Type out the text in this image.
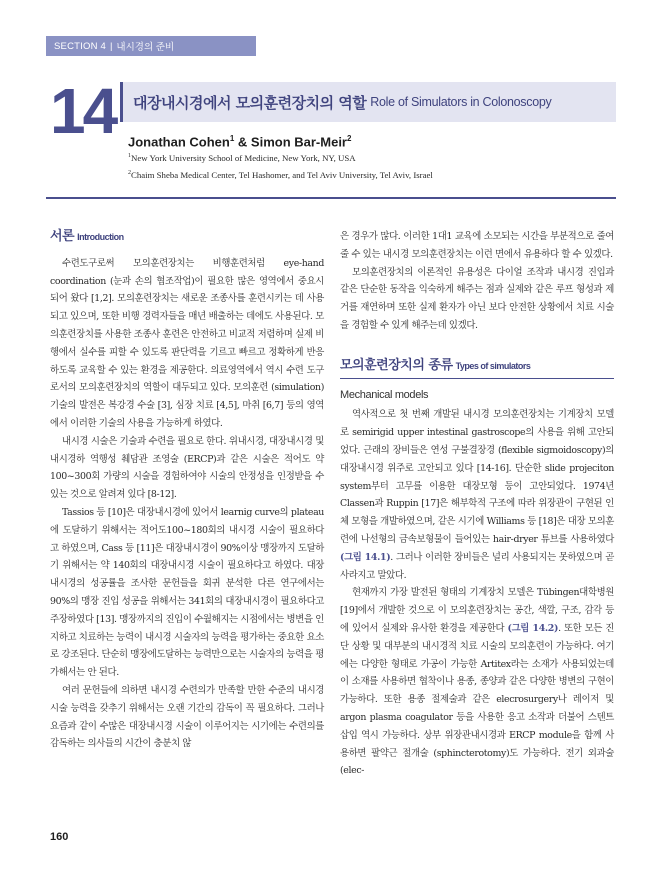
SECTION 4 | 내시경의 준비
14 대장내시경에서 모의훈련장치의 역할 Role of Simulators in Colonoscopy
Jonathan Cohen$^1$ & Simon Bar-Meir$^2$
$^1$New York University School of Medicine, New York, NY, USA
$^2$Chaim Sheba Medical Center, Tel Hashomer, and Tel Aviv University, Tel Aviv, Israel
서론 Introduction

수련도구로써 모의훈련장치는 비행훈련처럼 eye-hand coordination (눈과 손의 협조작업)이 필요한 많은 영역에서 중요시 되어 왔다 [1,2]. 모의훈련장치는 새로운 조종사를 훈련시키는 데 사용되고 있으며, 또한 비행 경력자들을 매년 배출하는 데에도 사용된다. 모의훈련장치를 사용한 조종사 훈련은 안전하고 비교적 저렴하며 실제 비행에서 실수를 피할 수 있도록 판단력을 기르고 빠르고 정확하게 반응하도록 교육할 수 있는 환경을 제공한다. 의료영역에서 역시 수련 도구로서의 모의훈련장치의 역할이 대두되고 있다. 모의훈련 (simulation) 기술의 발전은 복강경 수술 [3], 심장 치료 [4,5], 마취 [6,7] 등의 영역에서 이러한 기술의 사용을 가능하게 하였다.

내시경 시술은 기술과 수련을 필요로 한다. 위내시경, 대장내시경 및 내시경하 역행성 췌담관 조영술 (ERCP)과 같은 시술은 적어도 약 100~300회 가량의 시술을 경험하여야 시술의 안정성을 인정받을 수 있는 것으로 알려져 있다 [8-12].

Tassios 등 [10]은 대장내시경에 있어서 learnig curve의 plateau에 도달하기 위해서는 적어도100~180회의 내시경 시술이 필요하다고 하였으며, Cass 등 [11]은 대장내시경이 90%이상 맹장까지 도달하기 위해서는 약 140회의 대장내시경 시술이 필요하다고 하였다. 대장내시경의 성공률을 조사한 문헌들을 회귀 분석한 다른 연구에서는 90%의 맹장 진입 성공을 위해서는 341회의 대장내시경이 필요하다고 주장하였다 [13]. 맹장까지의 진입이 수월해지는 시점에서는 병변을 인지하고 치료하는 능력이 내시경 시술자의 능력을 평가하는 중요한 요소로 강조된다. 단순히 맹장에도달하는 능력만으로는 시술자의 능력을 평가해서는 안 된다.

여러 문헌들에 의하면 내시경 수련의가 만족할 만한 수준의 내시경 시술 능력을 갖추기 위해서는 오랜 기간의 감독이 꼭 필요하다. 그러나 요즘과 같이 수많은 대장내시경 시술이 이루어지는 시기에는 수련의를 감독하는 의사들의 시간이 충분치 않

은 경우가 많다. 이러한 1대1 교육에 소모되는 시간을 부분적으로 줄여 줄 수 있는 내시경 모의훈련장치는 이런 면에서 유용하다 할 수 있겠다.

모의훈련장치의 이론적인 유용성은 다이얼 조작과 내시경 진입과 같은 단순한 동작을 익숙하게 해주는 점과 실제와 같은 루프 형성과 제거를 재연하며 또한 실제 환자가 아닌 보다 안전한 상황에서 치료 시술을 경험할 수 있게 해주는데 있겠다.

모의훈련장치의 종류 Types of simulators
Mechanical models

역사적으로 첫 번째 개발된 내시경 모의훈련장치는 기계장치 모델로 semirigid upper intestinal gastroscope의 사용을 위해 고안되었다. 근래의 장비들은 연성 구불결장경 (flexible sigmoidoscopy)의 대장내시경 위주로 고안되고 있다 [14-16]. 단순한 slide projeciton system부터 고무를 이용한 대장모형 등이 고안되었다. 1974년 Classen과 Ruppin [17]은 해부학적 구조에 따라 위장관이 구현된 인체 모형을 개발하였으며, 같은 시기에 Williams 등 [18]은 대장 모의훈련에 나선형의 금속보형물이 들어있는 hair-dryer 튜브를 사용하였다 (그림 14.1). 그러나 이러한 장비들은 널리 사용되지는 못하였으며 곧 사라지고 말았다.

현재까지 가장 발전된 형태의 기계장치 모델은 Tübingen대학병원 [19]에서 개발한 것으로 이 모의훈련장치는 공간, 색깔, 구조, 감각 등에 있어서 실제와 유사한 환경을 제공한다 (그림 14.2). 또한 모든 진단 상황 및 대부분의 내시경적 치료 시술의 모의훈련이 가능하다. 여기에는 다양한 형태로 가공이 가능한 Artitex라는 소재가 사용되었는데 이 소재를 사용하면 협착이나 용종, 종양과 같은 다양한 병변의 구현이 가능하다. 또한 용종 절제술과 같은 elecrosurgery나 레이저 및 argon plasma coagulator 등을 사용한 응고 소작과 더불어 스텐트 삽입 역시 가능하다. 상부 위장관내시경과 ERCP module을 함께 사용하면 팔약근 절개술 (sphincterotomy)도 가능하다. 전기 외과술 (elec-

160
